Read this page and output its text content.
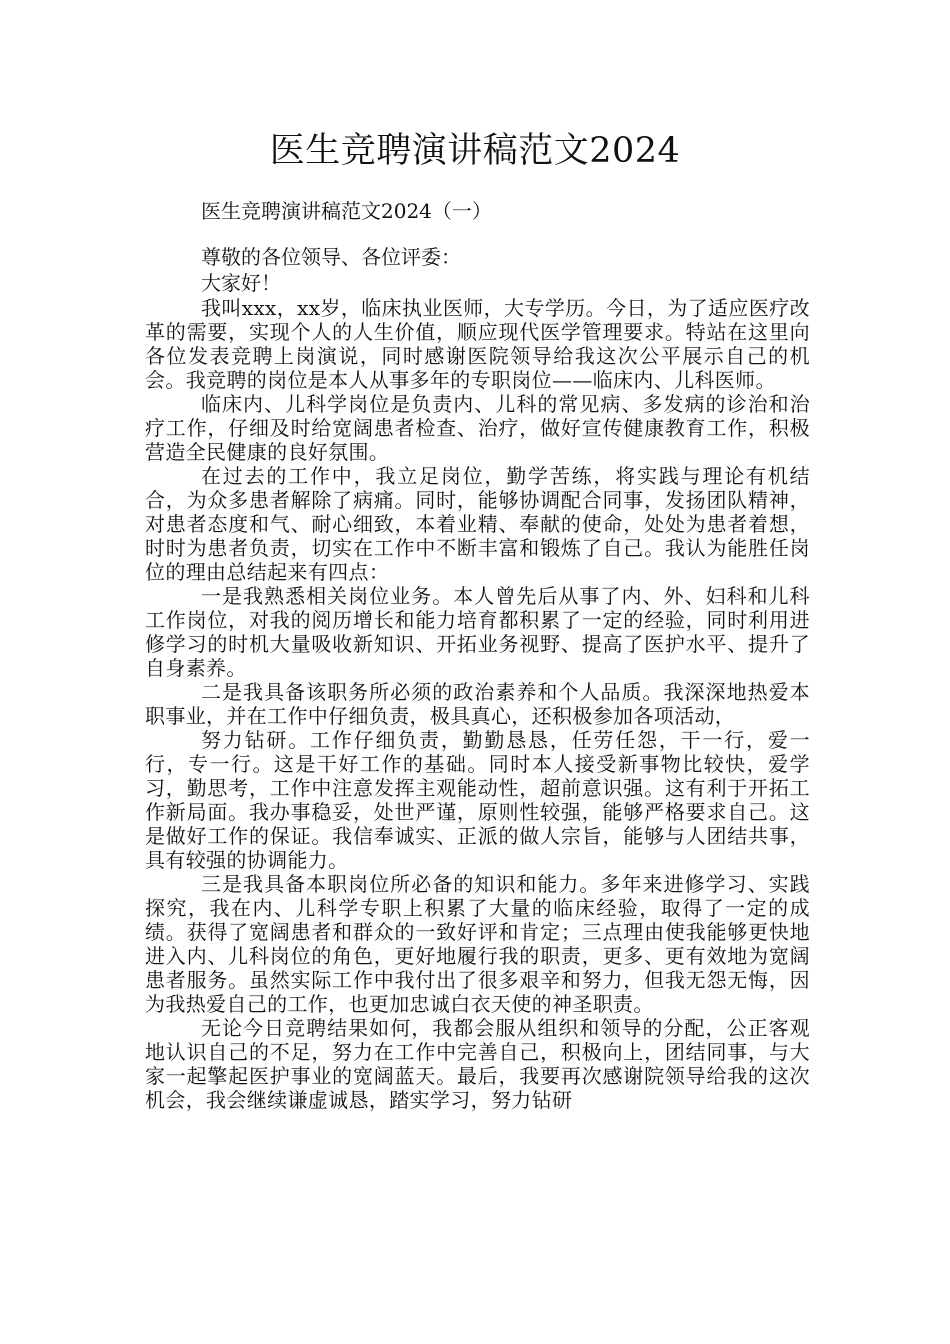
医生竞聘演讲稿范文2024

医生竞聘演讲稿范文2024（一）

尊敬的各位领导、各位评委：

大家好！

我叫xxx，xx岁，临床执业医师，大专学历。今日，为了适应医疗改革的需要，实现个人的人生价值，顺应现代医学管理要求。特站在这里向各位发表竞聘上岗演说，同时感谢医院领导给我这次公平展示自己的机会。我竞聘的岗位是本人从事多年的专职岗位——临床内、儿科医师。

临床内、儿科学岗位是负责内、儿科的常见病、多发病的诊治和治疗工作，仔细及时给宽阔患者检查、治疗，做好宣传健康教育工作，积极营造全民健康的良好氛围。

在过去的工作中，我立足岗位，勤学苦练，将实践与理论有机结合，为众多患者解除了病痛。同时，能够协调配合同事，发扬团队精神，对患者态度和气、耐心细致，本着业精、奉献的使命，处处为患者着想，时时为患者负责，切实在工作中不断丰富和锻炼了自己。我认为能胜任岗位的理由总结起来有四点：

一是我熟悉相关岗位业务。本人曾先后从事了内、外、妇科和儿科工作岗位，对我的阅历增长和能力培育都积累了一定的经验，同时利用进修学习的时机大量吸收新知识、开拓业务视野、提高了医护水平、提升了自身素养。

二是我具备该职务所必须的政治素养和个人品质。我深深地热爱本职事业，并在工作中仔细负责，极具真心，还积极参加各项活动，

努力钻研。工作仔细负责，勤勤恳恳，任劳任怨，干一行，爱一行，专一行。这是干好工作的基础。同时本人接受新事物比较快，爱学习，勤思考，工作中注意发挥主观能动性，超前意识强。这有利于开拓工作新局面。我办事稳妥，处世严谨，原则性较强，能够严格要求自己。这是做好工作的保证。我信奉诚实、正派的做人宗旨，能够与人团结共事，具有较强的协调能力。

三是我具备本职岗位所必备的知识和能力。多年来进修学习、实践探究，我在内、儿科学专职上积累了大量的临床经验，取得了一定的成绩。获得了宽阔患者和群众的一致好评和肯定；三点理由使我能够更快地进入内、儿科岗位的角色，更好地履行我的职责，更多、更有效地为宽阔患者服务。虽然实际工作中我付出了很多艰辛和努力，但我无怨无悔，因为我热爱自己的工作，也更加忠诚白衣天使的神圣职责。

无论今日竞聘结果如何，我都会服从组织和领导的分配，公正客观地认识自己的不足，努力在工作中完善自己，积极向上，团结同事，与大家一起擎起医护事业的宽阔蓝天。最后，我要再次感谢院领导给我的这次机会，我会继续谦虚诚恳，踏实学习，努力钻研
